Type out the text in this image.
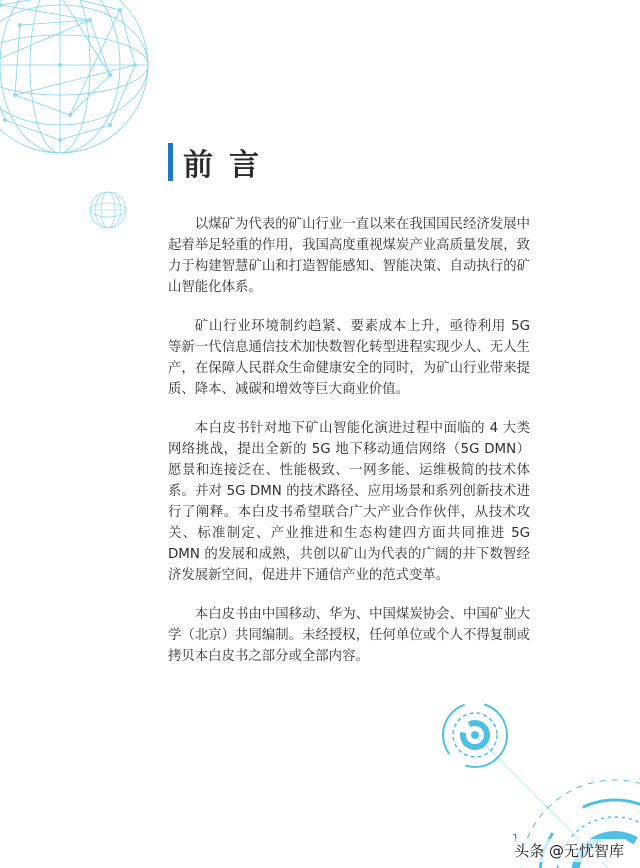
前言

以煤矿为代表的矿山行业一直以来在我国国民经济发展中起着举足轻重的作用，我国高度重视煤炭产业高质量发展，致力于构建智慧矿山和打造智能感知、智能决策、自动执行的矿山智能化体系。

矿山行业环境制约趋紧、要素成本上升，亟待利用 5G 等新一代信息通信技术加快数智化转型进程实现少人、无人生产，在保障人民群众生命健康安全的同时，为矿山行业带来提质、降本、减碳和增效等巨大商业价值。

本白皮书针对地下矿山智能化演进过程中面临的 4 大类网络挑战，提出全新的 5G 地下移动通信网络（5G DMN）愿景和连接泛在、性能极致、一网多能、运维极简的技术体系。并对 5G DMN 的技术路径、应用场景和系列创新技术进行了阐释。本白皮书希望联合广大产业合作伙伴，从技术攻关、标准制定、产业推进和生态构建四方面共同推进 5G DMN 的发展和成熟，共创以矿山为代表的广阔的井下数智经济发展新空间，促进井下通信产业的范式变革。

本白皮书由中国移动、华为、中国煤炭协会、中国矿业大学（北京）共同编制。未经授权，任何单位或个人不得复制或拷贝本白皮书之部分或全部内容。

头条 @无忧智库
